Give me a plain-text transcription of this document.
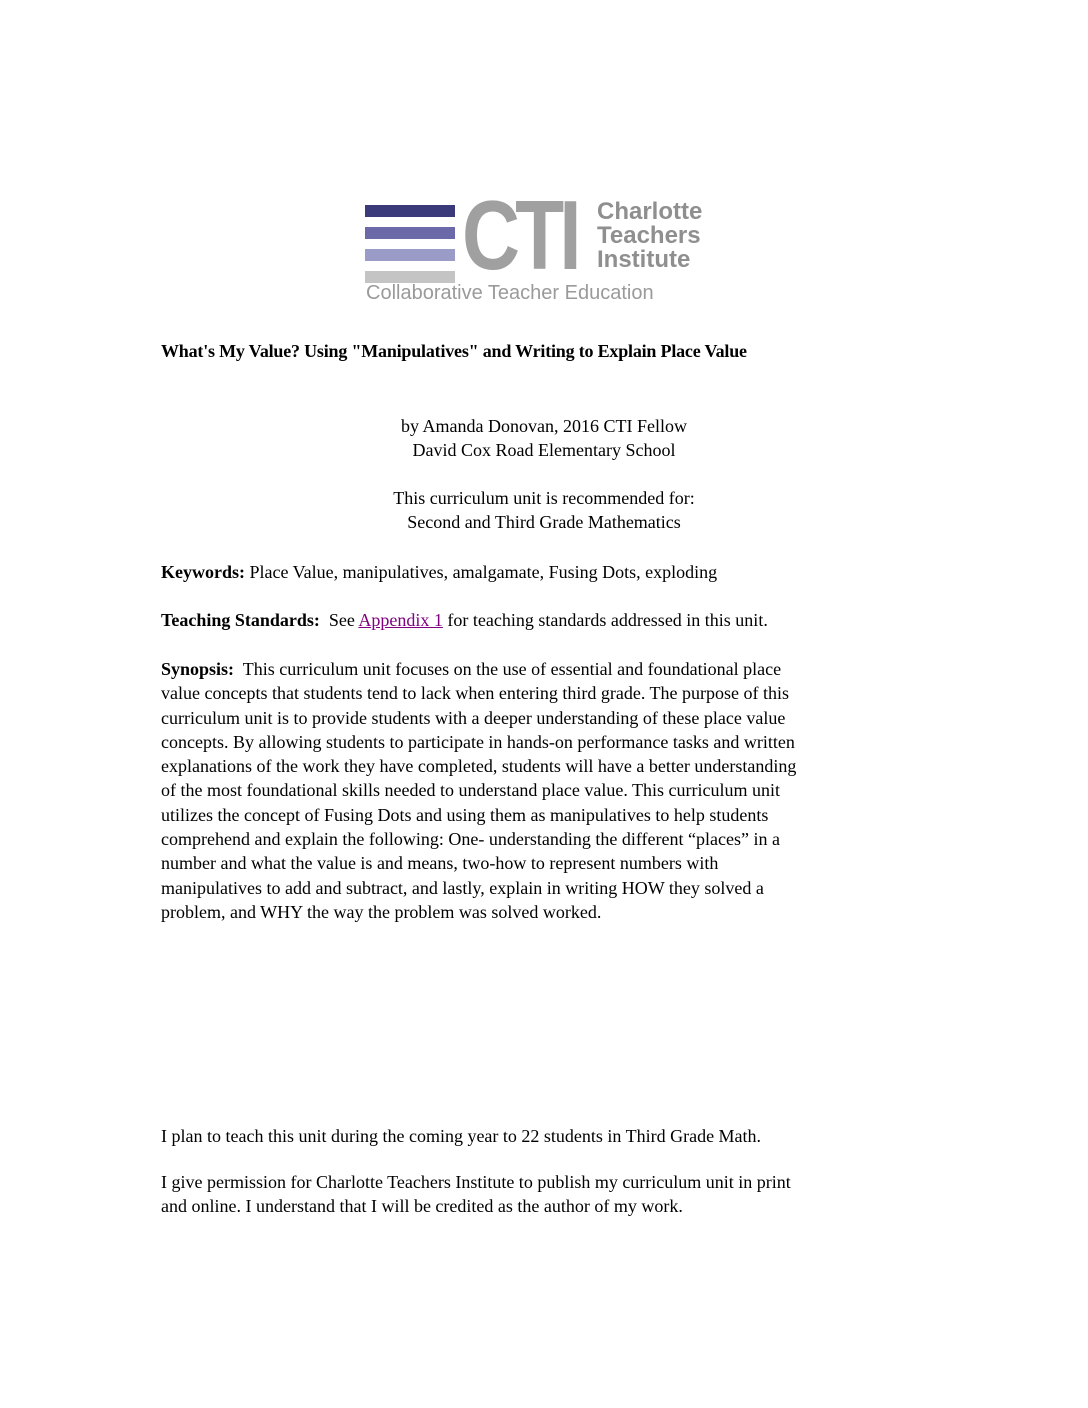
CTI Charlotte
Teachers
Institute
Collaborative Teacher Education
What's My Value? Using "Manipulatives" and Writing to Explain Place Value
by Amanda Donovan, 2016 CTI Fellow
David Cox Road Elementary School
This curriculum unit is recommended for:
Second and Third Grade Mathematics
Keywords: Place Value, manipulatives, amalgamate, Fusing Dots, exploding
Teaching Standards:  See Appendix 1 for teaching standards addressed in this unit.
Synopsis:  This curriculum unit focuses on the use of essential and foundational place
value concepts that students tend to lack when entering third grade. The purpose of this
curriculum unit is to provide students with a deeper understanding of these place value
concepts. By allowing students to participate in hands-on performance tasks and written
explanations of the work they have completed, students will have a better understanding
of the most foundational skills needed to understand place value. This curriculum unit
utilizes the concept of Fusing Dots and using them as manipulatives to help students
comprehend and explain the following: One- understanding the different “places” in a
number and what the value is and means, two-how to represent numbers with
manipulatives to add and subtract, and lastly, explain in writing HOW they solved a
problem, and WHY the way the problem was solved worked.
I plan to teach this unit during the coming year to 22 students in Third Grade Math.
I give permission for Charlotte Teachers Institute to publish my curriculum unit in print
and online. I understand that I will be credited as the author of my work.
